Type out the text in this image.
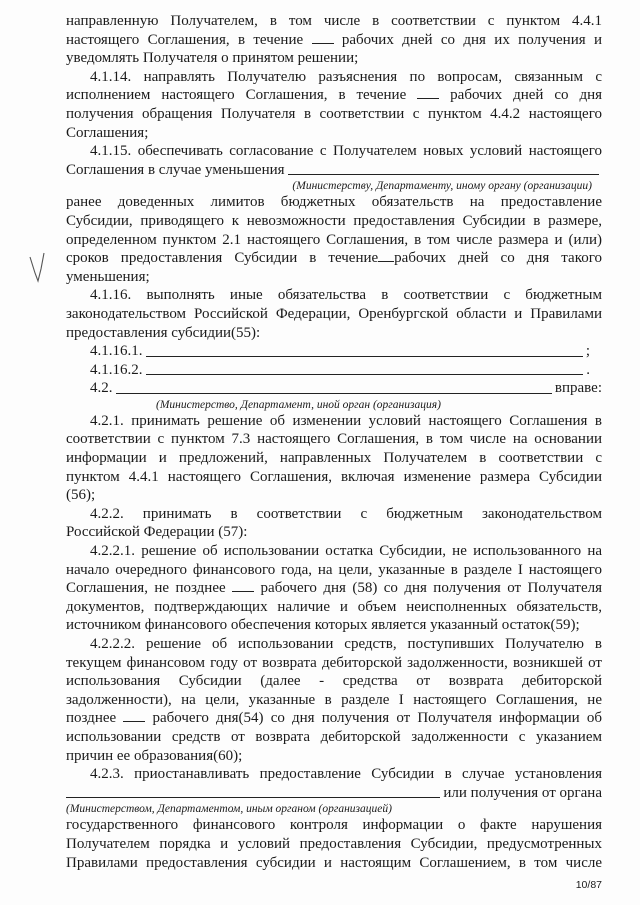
направленную Получателем, в том числе в соответствии с пунктом 4.4.1

настоящего Соглашения, в течение	рабочих дней со дня их получения и

уведомлять Получателя о принятом решении;

4.1.14. направлять Получателю разъяснения по вопросам, связанным с

исполнением настоящего Соглашения, в течение	рабочих дней со дня

получения обращения Получателя в соответствии с пунктом 4.4.2 настоящего

Соглашения;

4.1.15. обеспечивать согласование с Получателем новых условий настоящего

Соглашения в случае уменьшения

(Министерству, Департаменту, иному органу (организации)

ранее доведенных лимитов бюджетных обязательств на предоставление

Субсидии, приводящего к невозможности предоставления Субсидии в размере,

определенном пунктом 2.1 настоящего Соглашения, в том числе размера и (или)

сроков предоставления Субсидии в течение рабочих дней со дня такого

уменьшения;

4.1.16. выполнять иные обязательства в соответствии с бюджетным

законодательством Российской Федерации, Оренбургской области и Правилами

предоставления субсидии(55):

4.1.16.1.	;
4.1.16.2.	.
4.2.	вправе:

(Министерство, Департамент, иной орган (организация)

4.2.1. принимать решение об изменении условий настоящего Соглашения в

соответствии с пунктом 7.3 настоящего Соглашения, в том числе на основании

информации и предложений, направленных Получателем в соответствии с

пунктом 4.4.1 настоящего Соглашения, включая изменение размера Субсидии

(56);

4.2.2. принимать в соответствии с бюджетным законодательством

Российской Федерации (57):

4.2.2.1. решение об использовании остатка Субсидии, не использованного на

начало очередного финансового года, на цели, указанные в разделе I настоящего

Соглашения, не позднее рабочего дня (58) со дня получения от Получателя

документов, подтверждающих наличие и объем неисполненных обязательств,

источником финансового обеспечения которых является указанный остаток(59);

4.2.2.2. решение об использовании средств, поступивших Получателю в

текущем финансовом году от возврата дебиторской задолженности, возникшей от

использования Субсидии (далее - средства от возврата дебиторской

задолженности), на цели, указанные в разделе I настоящего Соглашения, не

позднее рабочего дня(54) со дня получения от Получателя информации об

использовании средств от возврата дебиторской задолженности с указанием

причин ее образования(60);

4.2.3. приостанавливать предоставление Субсидии в случае установления

или получения от органа

(Министерством, Департаментом, иным органом (организацией)

государственного финансового контроля информации о факте нарушения

Получателем порядка и условий предоставления Субсидии, предусмотренных

Правилами предоставления субсидии и настоящим Соглашением, в том числе

10/87
